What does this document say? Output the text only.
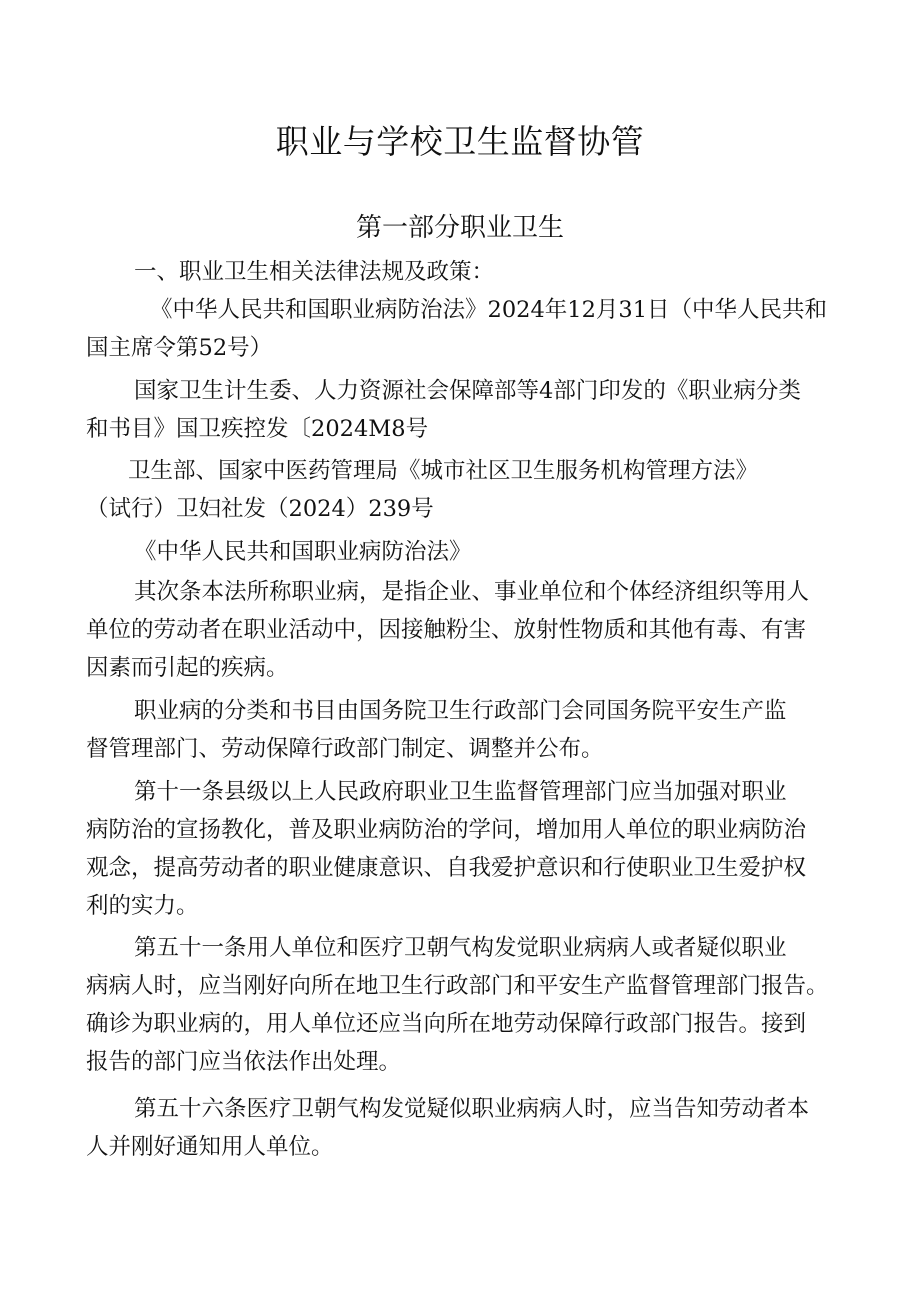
职业与学校卫生监督协管
第一部分职业卫生
一、职业卫生相关法律法规及政策：
《中华人民共和国职业病防治法》2024年12月31日（中华人民共和
国主席令第52号）
国家卫生计生委、人力资源社会保障部等4部门印发的《职业病分类
和书目》国卫疾控发〔2024M8号
卫生部、国家中医药管理局《城市社区卫生服务机构管理方法》
（试行）卫妇社发（2024）239号
《中华人民共和国职业病防治法》
其次条本法所称职业病，是指企业、事业单位和个体经济组织等用人
单位的劳动者在职业活动中，因接触粉尘、放射性物质和其他有毒、有害
因素而引起的疾病。
职业病的分类和书目由国务院卫生行政部门会同国务院平安生产监
督管理部门、劳动保障行政部门制定、调整并公布。
第十一条县级以上人民政府职业卫生监督管理部门应当加强对职业
病防治的宣扬教化，普及职业病防治的学问，增加用人单位的职业病防治
观念，提高劳动者的职业健康意识、自我爱护意识和行使职业卫生爱护权
利的实力。
第五十一条用人单位和医疗卫朝气构发觉职业病病人或者疑似职业
病病人时，应当刚好向所在地卫生行政部门和平安生产监督管理部门报告。
确诊为职业病的，用人单位还应当向所在地劳动保障行政部门报告。接到
报告的部门应当依法作出处理。
第五十六条医疗卫朝气构发觉疑似职业病病人时，应当告知劳动者本
人并刚好通知用人单位。
